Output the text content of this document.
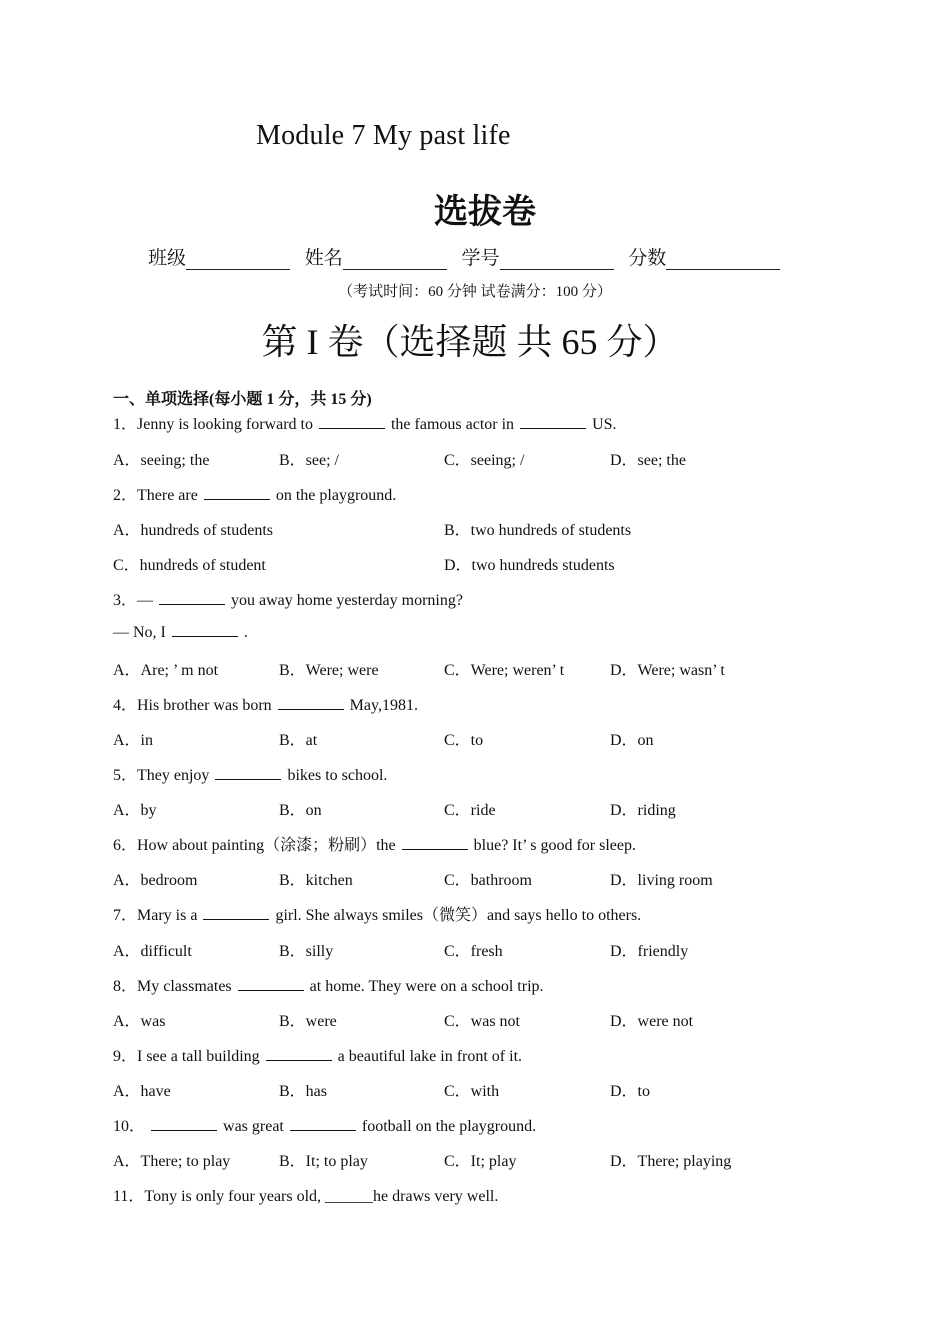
Module 7 My past life
选拔卷
班级	姓名	学号	分数
（考试时间：60 分钟 试卷满分：100 分）
第 I 卷（选择题 共 65 分）
一、单项选择(每小题 1 分，共 15 分)
1．Jenny is looking forward to	the famous actor in	US.
A．seeing; the	B．see; /	C．seeing; /	D．see; the
2．There are	on the playground.
A．hundreds of students	B．two hundreds of students
C．hundreds of student	D．two hundreds students
3．—	you away home yesterday morning?
— No, I	.
A．Are; ’ m not	B．Were; were	C．Were; weren’ t	D．Were; wasn’ t
4．His brother was born	May,1981.
A．in	B．at	C．to	D．on
5．They enjoy	bikes to school.
A．by	B．on	C．ride	D．riding
6．How about painting（涂漆；粉刷）the	blue? It’ s good for sleep.
A．bedroom	B．kitchen	C．bathroom	D．living room
7．Mary is a	girl. She always smiles（微笑）and says hello to others.
A．difficult	B．silly	C．fresh	D．friendly
8．My classmates	at home. They were on a school trip.
A．was	B．were	C．was not	D．were not
9．I see a tall building	a beautiful lake in front of it.
A．have	B．has	C．with	D．to
10．	was great	football on the playground.
A．There; to play	B．It; to play	C．It; play	D．There; playing
11．Tony is only four years old, ______he draws very well.
